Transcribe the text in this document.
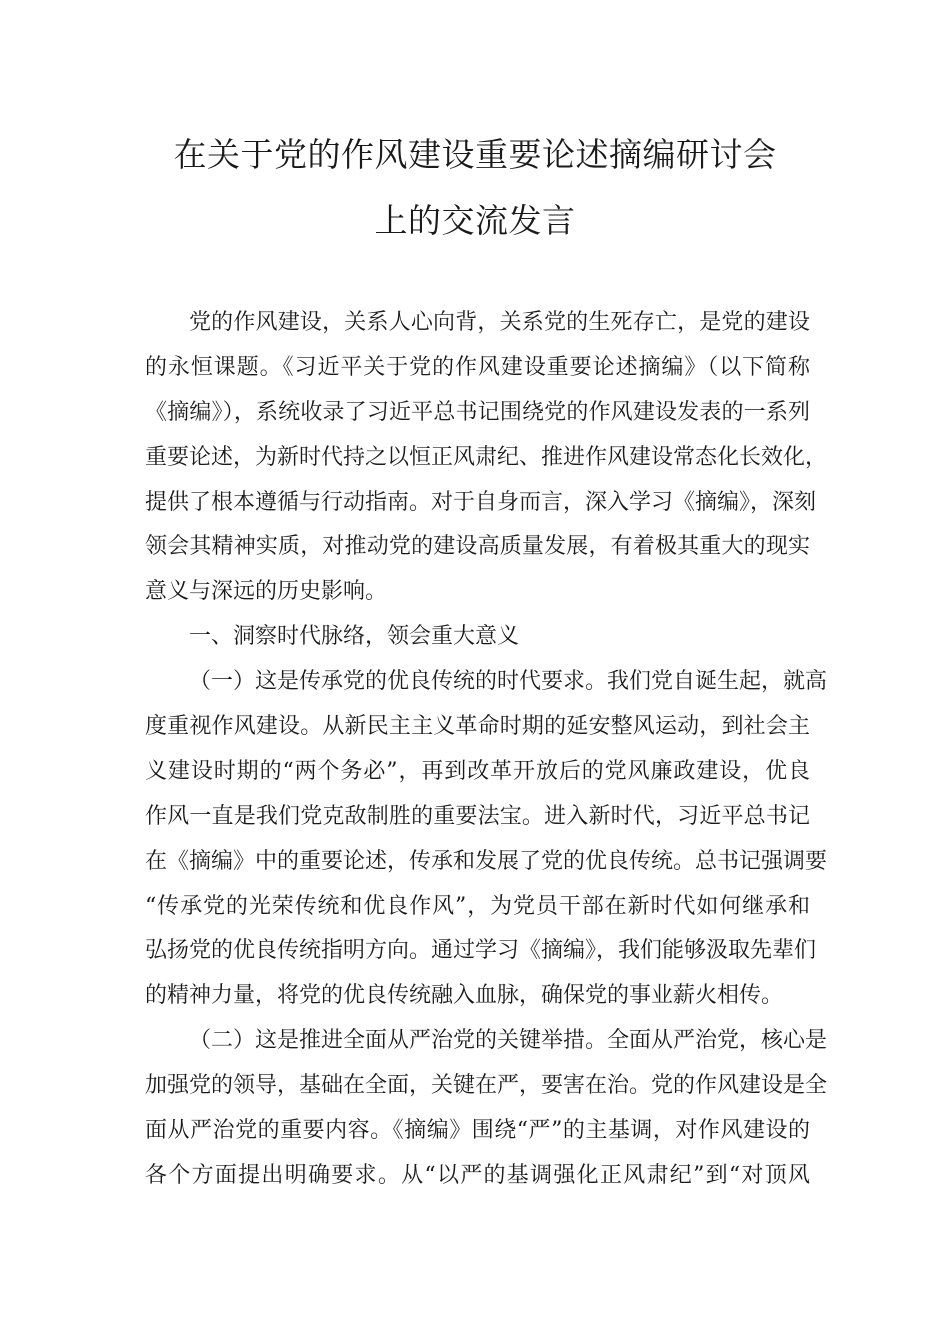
在关于党的作风建设重要论述摘编研讨会
上的交流发言
党的作风建设，关系人心向背，关系党的生死存亡，是党的建设
的永恒课题。《习近平关于党的作风建设重要论述摘编》（以下简称
《摘编》），系统收录了习近平总书记围绕党的作风建设发表的一系列
重要论述，为新时代持之以恒正风肃纪、推进作风建设常态化长效化，
提供了根本遵循与行动指南。对于自身而言，深入学习《摘编》，深刻
领会其精神实质，对推动党的建设高质量发展，有着极其重大的现实
意义与深远的历史影响。
一、洞察时代脉络，领会重大意义
（一）这是传承党的优良传统的时代要求。我们党自诞生起，就高
度重视作风建设。从新民主主义革命时期的延安整风运动，到社会主
义建设时期的“两个务必”，再到改革开放后的党风廉政建设，优良
作风一直是我们党克敌制胜的重要法宝。进入新时代，习近平总书记
在《摘编》中的重要论述，传承和发展了党的优良传统。总书记强调要
“传承党的光荣传统和优良作风”，为党员干部在新时代如何继承和
弘扬党的优良传统指明方向。通过学习《摘编》，我们能够汲取先辈们
的精神力量，将党的优良传统融入血脉，确保党的事业薪火相传。
（二）这是推进全面从严治党的关键举措。全面从严治党，核心是
加强党的领导，基础在全面，关键在严，要害在治。党的作风建设是全
面从严治党的重要内容。《摘编》围绕“严”的主基调，对作风建设的
各个方面提出明确要求。从“以严的基调强化正风肃纪”到“对顶风
